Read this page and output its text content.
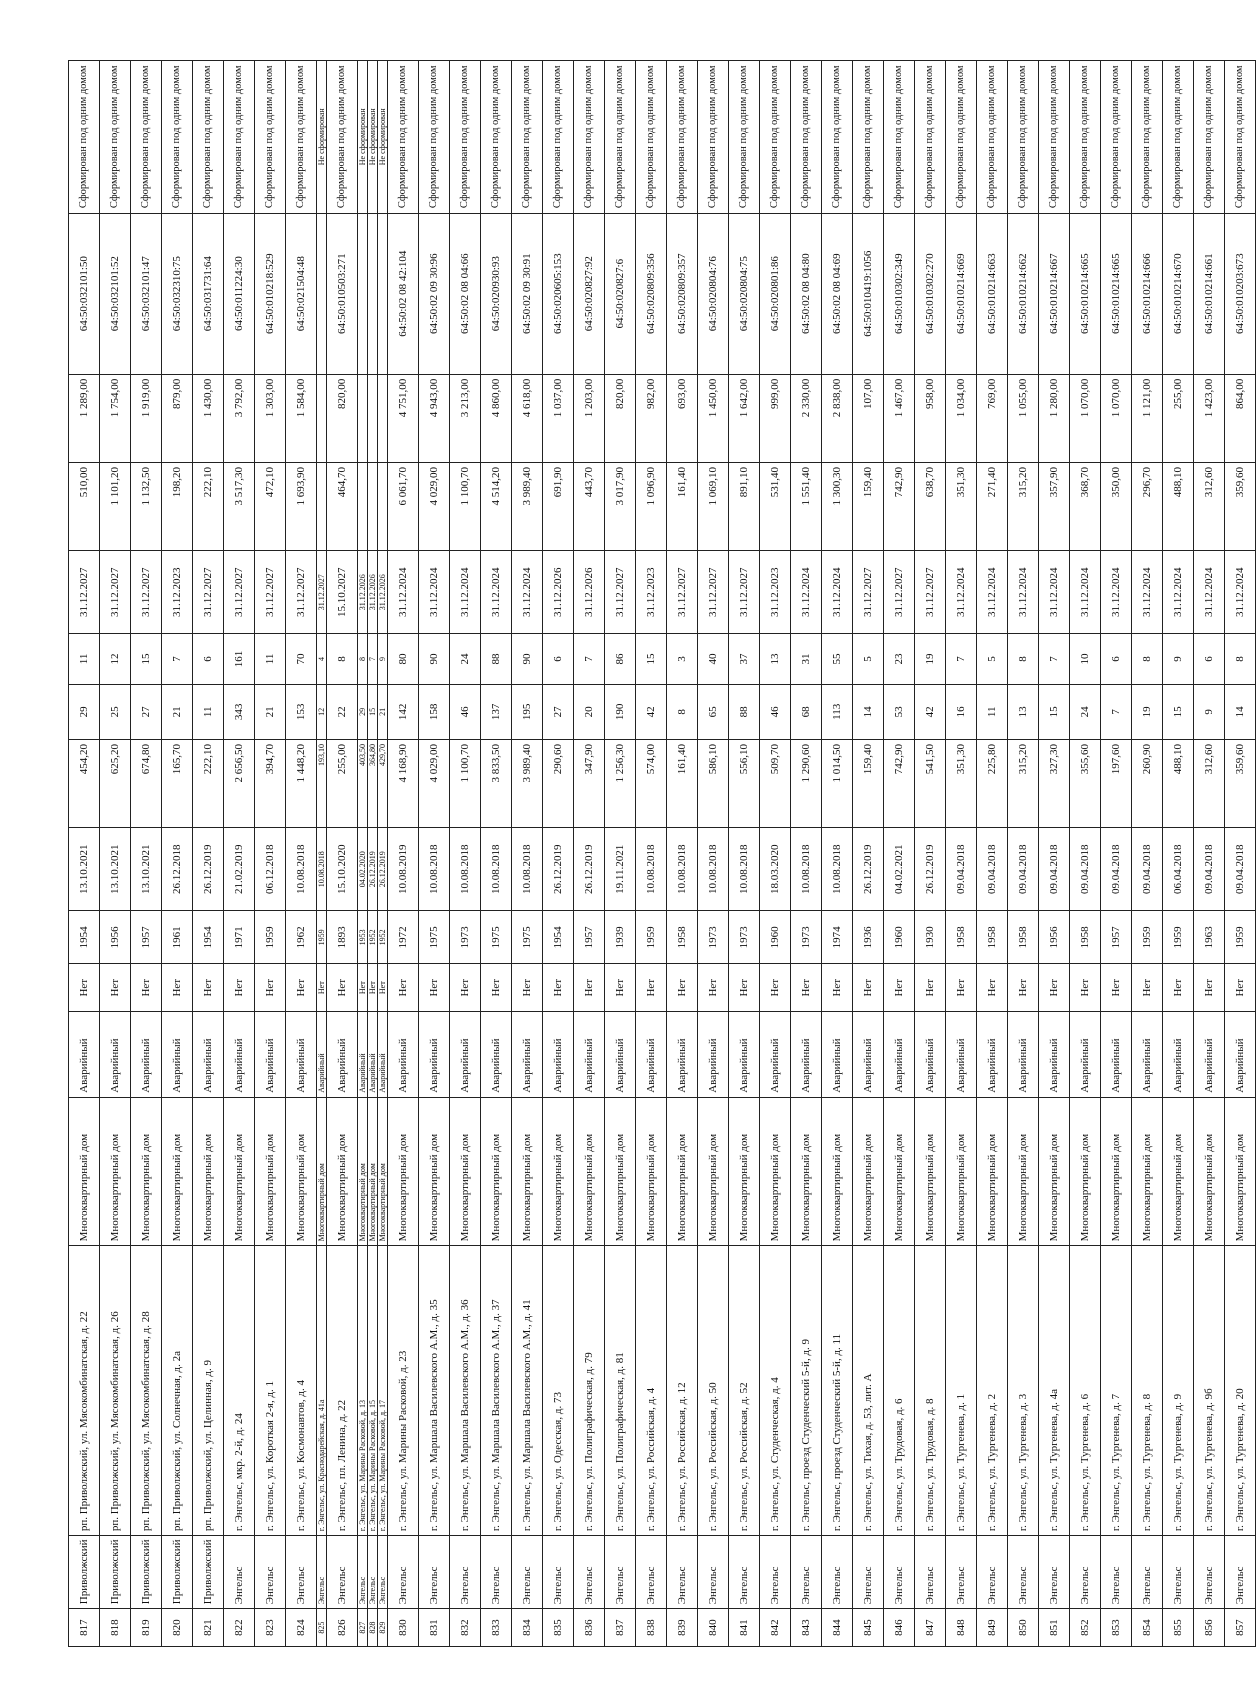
817	Приволжский	рп. Приволжский, ул. Мясокомбинатская, д. 22	Многоквартирный дом	Аварийный	Нет	1954	13.10.2021	454,20	29	11	31.12.2027	510,00	1 289,00	64:50:032101:50	Сформирован под одним домом
818	Приволжский	рп. Приволжский, ул. Мясокомбинатская, д. 26	Многоквартирный дом	Аварийный	Нет	1956	13.10.2021	625,20	25	12	31.12.2027	1 101,20	1 754,00	64:50:032101:52	Сформирован под одним домом
819	Приволжский	рп. Приволжский, ул. Мясокомбинатская, д. 28	Многоквартирный дом	Аварийный	Нет	1957	13.10.2021	674,80	27	15	31.12.2027	1 132,50	1 919,00	64:50:032101:47	Сформирован под одним домом
820	Приволжский	рп. Приволжский, ул. Солнечная, д. 2а	Многоквартирный дом	Аварийный	Нет	1961	26.12.2018	165,70	21	7	31.12.2023	198,20	879,00	64:50:032310:75	Сформирован под одним домом
821	Приволжский	рп. Приволжский, ул. Целинная, д. 9	Многоквартирный дом	Аварийный	Нет	1954	26.12.2019	222,10	11	6	31.12.2027	222,10	1 430,00	64:50:031731:64	Сформирован под одним домом
822	Энгельс	г. Энгельс, мкр. 2-й, д. 24	Многоквартирный дом	Аварийный	Нет	1971	21.02.2019	2 656,50	343	161	31.12.2027	3 517,30	3 792,00	64:50:011224:30	Сформирован под одним домом
823	Энгельс	г. Энгельс, ул. Короткая 2-я, д. 1	Многоквартирный дом	Аварийный	Нет	1959	06.12.2018	394,70	21	11	31.12.2027	472,10	1 303,00	64:50:010218:529	Сформирован под одним домом
824	Энгельс	г. Энгельс, ул. Космонавтов, д. 4	Многоквартирный дом	Аварийный	Нет	1962	10.08.2018	1 448,20	153	70	31.12.2027	1 693,90	1 584,00	64:50:021504:48	Сформирован под одним домом
825	Энгельс	г. Энгельс, ул. Краснодарейская, д. 41а	Многоквартирный дом	Аварийный	Нет	1959	10.08.2018	193,10	12	4	31.12.2027				Не сформирован
826	Энгельс	г. Энгельс, пл. Ленина, д. 22	Многоквартирный дом	Аварийный	Нет	1893	15.10.2020	255,00	22	8	15.10.2027	464,70	820,00	64:50:010503:271	Сформирован под одним домом
827	Энгельс	г. Энгельс, ул. Марины Расковой, д. 13	Многоквартирный дом	Аварийный	Нет	1953	04.02.2020	403,50	29	8	31.12.2026				Не сформирован
828	Энгельс	г. Энгельс, ул. Марины Расковой, д. 15	Многоквартирный дом	Аварийный	Нет	1952	26.12.2019	364,80	15	7	31.12.2026				Не сформирован
829	Энгельс	г. Энгельс, ул. Марины Расковой, д. 17	Многоквартирный дом	Аварийный	Нет	1952	26.12.2019	429,70	21	9	31.12.2026				Не сформирован
830	Энгельс	г. Энгельс, ул. Марины Расковой, д. 23	Многоквартирный дом	Аварийный	Нет	1972	10.08.2019	4 168,90	142	80	31.12.2024	6 061,70	4 751,00	64:50:02 08 42:104	Сформирован под одним домом
831	Энгельс	г. Энгельс, ул. Маршала Василевского А.М., д. 35	Многоквартирный дом	Аварийный	Нет	1975	10.08.2018	4 029,00	158	90	31.12.2024	4 029,00	4 943,00	64:50:02 09 30:96	Сформирован под одним домом
832	Энгельс	г. Энгельс, ул. Маршала Василевского А.М., д. 36	Многоквартирный дом	Аварийный	Нет	1973	10.08.2018	1 100,70	46	24	31.12.2024	1 100,70	3 213,00	64:50:02 08 04:66	Сформирован под одним домом
833	Энгельс	г. Энгельс, ул. Маршала Василевского А.М., д. 37	Многоквартирный дом	Аварийный	Нет	1975	10.08.2018	3 833,50	137	88	31.12.2024	4 514,20	4 860,00	64:50:020930:93	Сформирован под одним домом
834	Энгельс	г. Энгельс, ул. Маршала Василевского А.М., д. 41	Многоквартирный дом	Аварийный	Нет	1975	10.08.2018	3 989,40	195	90	31.12.2024	3 989,40	4 618,00	64:50:02 09 30:91	Сформирован под одним домом
835	Энгельс	г. Энгельс, ул. Одесская, д. 73	Многоквартирный дом	Аварийный	Нет	1954	26.12.2019	290,60	27	6	31.12.2026	691,90	1 037,00	64:50:020605:153	Сформирован под одним домом
836	Энгельс	г. Энгельс, ул. Полиграфическая, д. 79	Многоквартирный дом	Аварийный	Нет	1957	26.12.2019	347,90	20	7	31.12.2026	443,70	1 203,00	64:50:020827:92	Сформирован под одним домом
837	Энгельс	г. Энгельс, ул. Полиграфическая, д. 81	Многоквартирный дом	Аварийный	Нет	1939	19.11.2021	1 256,30	190	86	31.12.2027	3 017,90	820,00	64:50:020827:6	Сформирован под одним домом
838	Энгельс	г. Энгельс, ул. Российская, д. 4	Многоквартирный дом	Аварийный	Нет	1959	10.08.2018	574,00	42	15	31.12.2023	1 096,90	982,00	64:50:020809:356	Сформирован под одним домом
839	Энгельс	г. Энгельс, ул. Российская, д. 12	Многоквартирный дом	Аварийный	Нет	1958	10.08.2018	161,40	8	3	31.12.2027	161,40	693,00	64:50:020809:357	Сформирован под одним домом
840	Энгельс	г. Энгельс, ул. Российская, д. 50	Многоквартирный дом	Аварийный	Нет	1973	10.08.2018	586,10	65	40	31.12.2027	1 069,10	1 450,00	64:50:020804:76	Сформирован под одним домом
841	Энгельс	г. Энгельс, ул. Российская, д. 52	Многоквартирный дом	Аварийный	Нет	1973	10.08.2018	556,10	88	37	31.12.2027	891,10	1 642,00	64:50:020804:75	Сформирован под одним домом
842	Энгельс	г. Энгельс, ул. Студенческая, д. 4	Многоквартирный дом	Аварийный	Нет	1960	18.03.2020	509,70	46	13	31.12.2023	531,40	999,00	64:50:020801:86	Сформирован под одним домом
843	Энгельс	г. Энгельс, проезд Студенческий 5-й, д. 9	Многоквартирный дом	Аварийный	Нет	1973	10.08.2018	1 290,60	68	31	31.12.2024	1 551,40	2 330,00	64:50:02 08 04:80	Сформирован под одним домом
844	Энгельс	г. Энгельс, проезд Студенческий 5-й, д. 11	Многоквартирный дом	Аварийный	Нет	1974	10.08.2018	1 014,50	113	55	31.12.2024	1 300,30	2 838,00	64:50:02 08 04:69	Сформирован под одним домом
845	Энгельс	г. Энгельс, ул. Тихая, д. 53, лит. А	Многоквартирный дом	Аварийный	Нет	1936	26.12.2019	159,40	14	5	31.12.2027	159,40	107,00	64:50:010419:1056	Сформирован под одним домом
846	Энгельс	г. Энгельс, ул. Трудовая, д. 6	Многоквартирный дом	Аварийный	Нет	1960	04.02.2021	742,90	53	23	31.12.2027	742,90	1 467,00	64:50:010302:349	Сформирован под одним домом
847	Энгельс	г. Энгельс, ул. Трудовая, д. 8	Многоквартирный дом	Аварийный	Нет	1930	26.12.2019	541,50	42	19	31.12.2027	638,70	958,00	64:50:010302:270	Сформирован под одним домом
848	Энгельс	г. Энгельс, ул. Тургенева, д. 1	Многоквартирный дом	Аварийный	Нет	1958	09.04.2018	351,30	16	7	31.12.2024	351,30	1 034,00	64:50:010214:669	Сформирован под одним домом
849	Энгельс	г. Энгельс, ул. Тургенева, д. 2	Многоквартирный дом	Аварийный	Нет	1958	09.04.2018	225,80	11	5	31.12.2024	271,40	769,00	64:50:010214:663	Сформирован под одним домом
850	Энгельс	г. Энгельс, ул. Тургенева, д. 3	Многоквартирный дом	Аварийный	Нет	1958	09.04.2018	315,20	13	8	31.12.2024	315,20	1 055,00	64:50:010214:662	Сформирован под одним домом
851	Энгельс	г. Энгельс, ул. Тургенева, д. 4а	Многоквартирный дом	Аварийный	Нет	1956	09.04.2018	327,30	15	7	31.12.2024	357,90	1 280,00	64:50:010214:667	Сформирован под одним домом
852	Энгельс	г. Энгельс, ул. Тургенева, д. 6	Многоквартирный дом	Аварийный	Нет	1958	09.04.2018	355,60	24	10	31.12.2024	368,70	1 070,00	64:50:010214:665	Сформирован под одним домом
853	Энгельс	г. Энгельс, ул. Тургенева, д. 7	Многоквартирный дом	Аварийный	Нет	1957	09.04.2018	197,60	7	6	31.12.2024	350,00	1 070,00	64:50:010214:665	Сформирован под одним домом
854	Энгельс	г. Энгельс, ул. Тургенева, д. 8	Многоквартирный дом	Аварийный	Нет	1959	09.04.2018	260,90	19	8	31.12.2024	296,70	1 121,00	64:50:010214:666	Сформирован под одним домом
855	Энгельс	г. Энгельс, ул. Тургенева, д. 9	Многоквартирный дом	Аварийный	Нет	1959	06.04.2018	488,10	15	9	31.12.2024	488,10	255,00	64:50:010214:670	Сформирован под одним домом
856	Энгельс	г. Энгельс, ул. Тургенева, д. 9б	Многоквартирный дом	Аварийный	Нет	1963	09.04.2018	312,60	9	6	31.12.2024	312,60	1 423,00	64:50:010214:661	Сформирован под одним домом
857	Энгельс	г. Энгельс, ул. Тургенева, д. 20	Многоквартирный дом	Аварийный	Нет	1959	09.04.2018	359,60	14	8	31.12.2024	359,60	864,00	64:50:010203:673	Сформирован под одним домом
